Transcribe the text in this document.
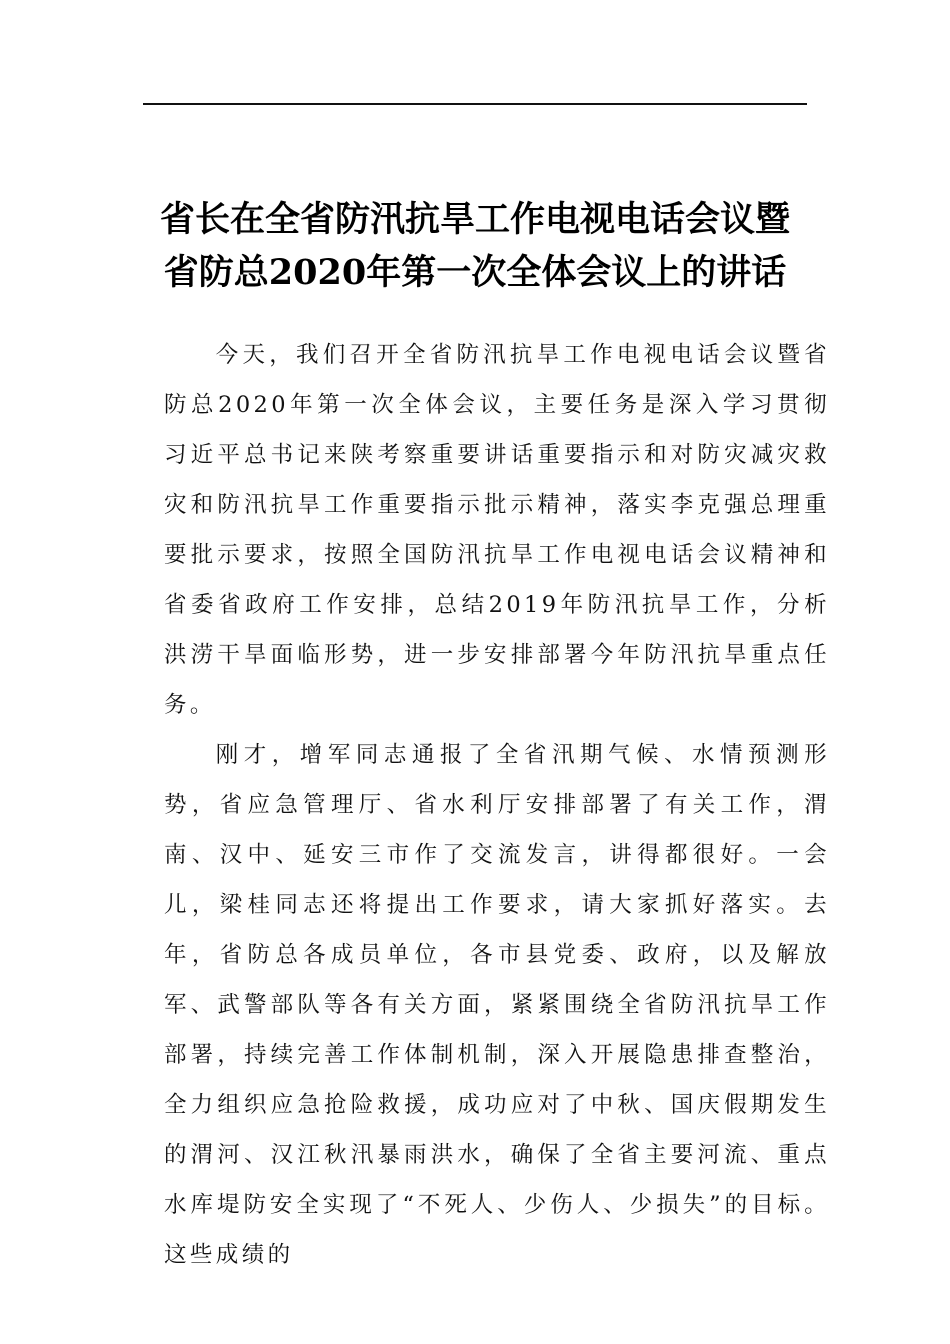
省长在全省防汛抗旱工作电视电话会议暨
省防总2020年第一次全体会议上的讲话

今天，我们召开全省防汛抗旱工作电视电话会议暨省防总2020年第一次全体会议，主要任务是深入学习贯彻习近平总书记来陕考察重要讲话重要指示和对防灾减灾救灾和防汛抗旱工作重要指示批示精神，落实李克强总理重要批示要求，按照全国防汛抗旱工作电视电话会议精神和省委省政府工作安排，总结2019年防汛抗旱工作，分析洪涝干旱面临形势，进一步安排部署今年防汛抗旱重点任务。

刚才，增军同志通报了全省汛期气候、水情预测形势，省应急管理厅、省水利厅安排部署了有关工作，渭南、汉中、延安三市作了交流发言，讲得都很好。一会儿，梁桂同志还将提出工作要求，请大家抓好落实。去年，省防总各成员单位，各市县党委、政府，以及解放军、武警部队等各有关方面，紧紧围绕全省防汛抗旱工作部署，持续完善工作体制机制，深入开展隐患排查整治，全力组织应急抢险救援，成功应对了中秋、国庆假期发生的渭河、汉江秋汛暴雨洪水，确保了全省主要河流、重点水库堤防安全实现了“不死人、少伤人、少损失”的目标。这些成绩的
